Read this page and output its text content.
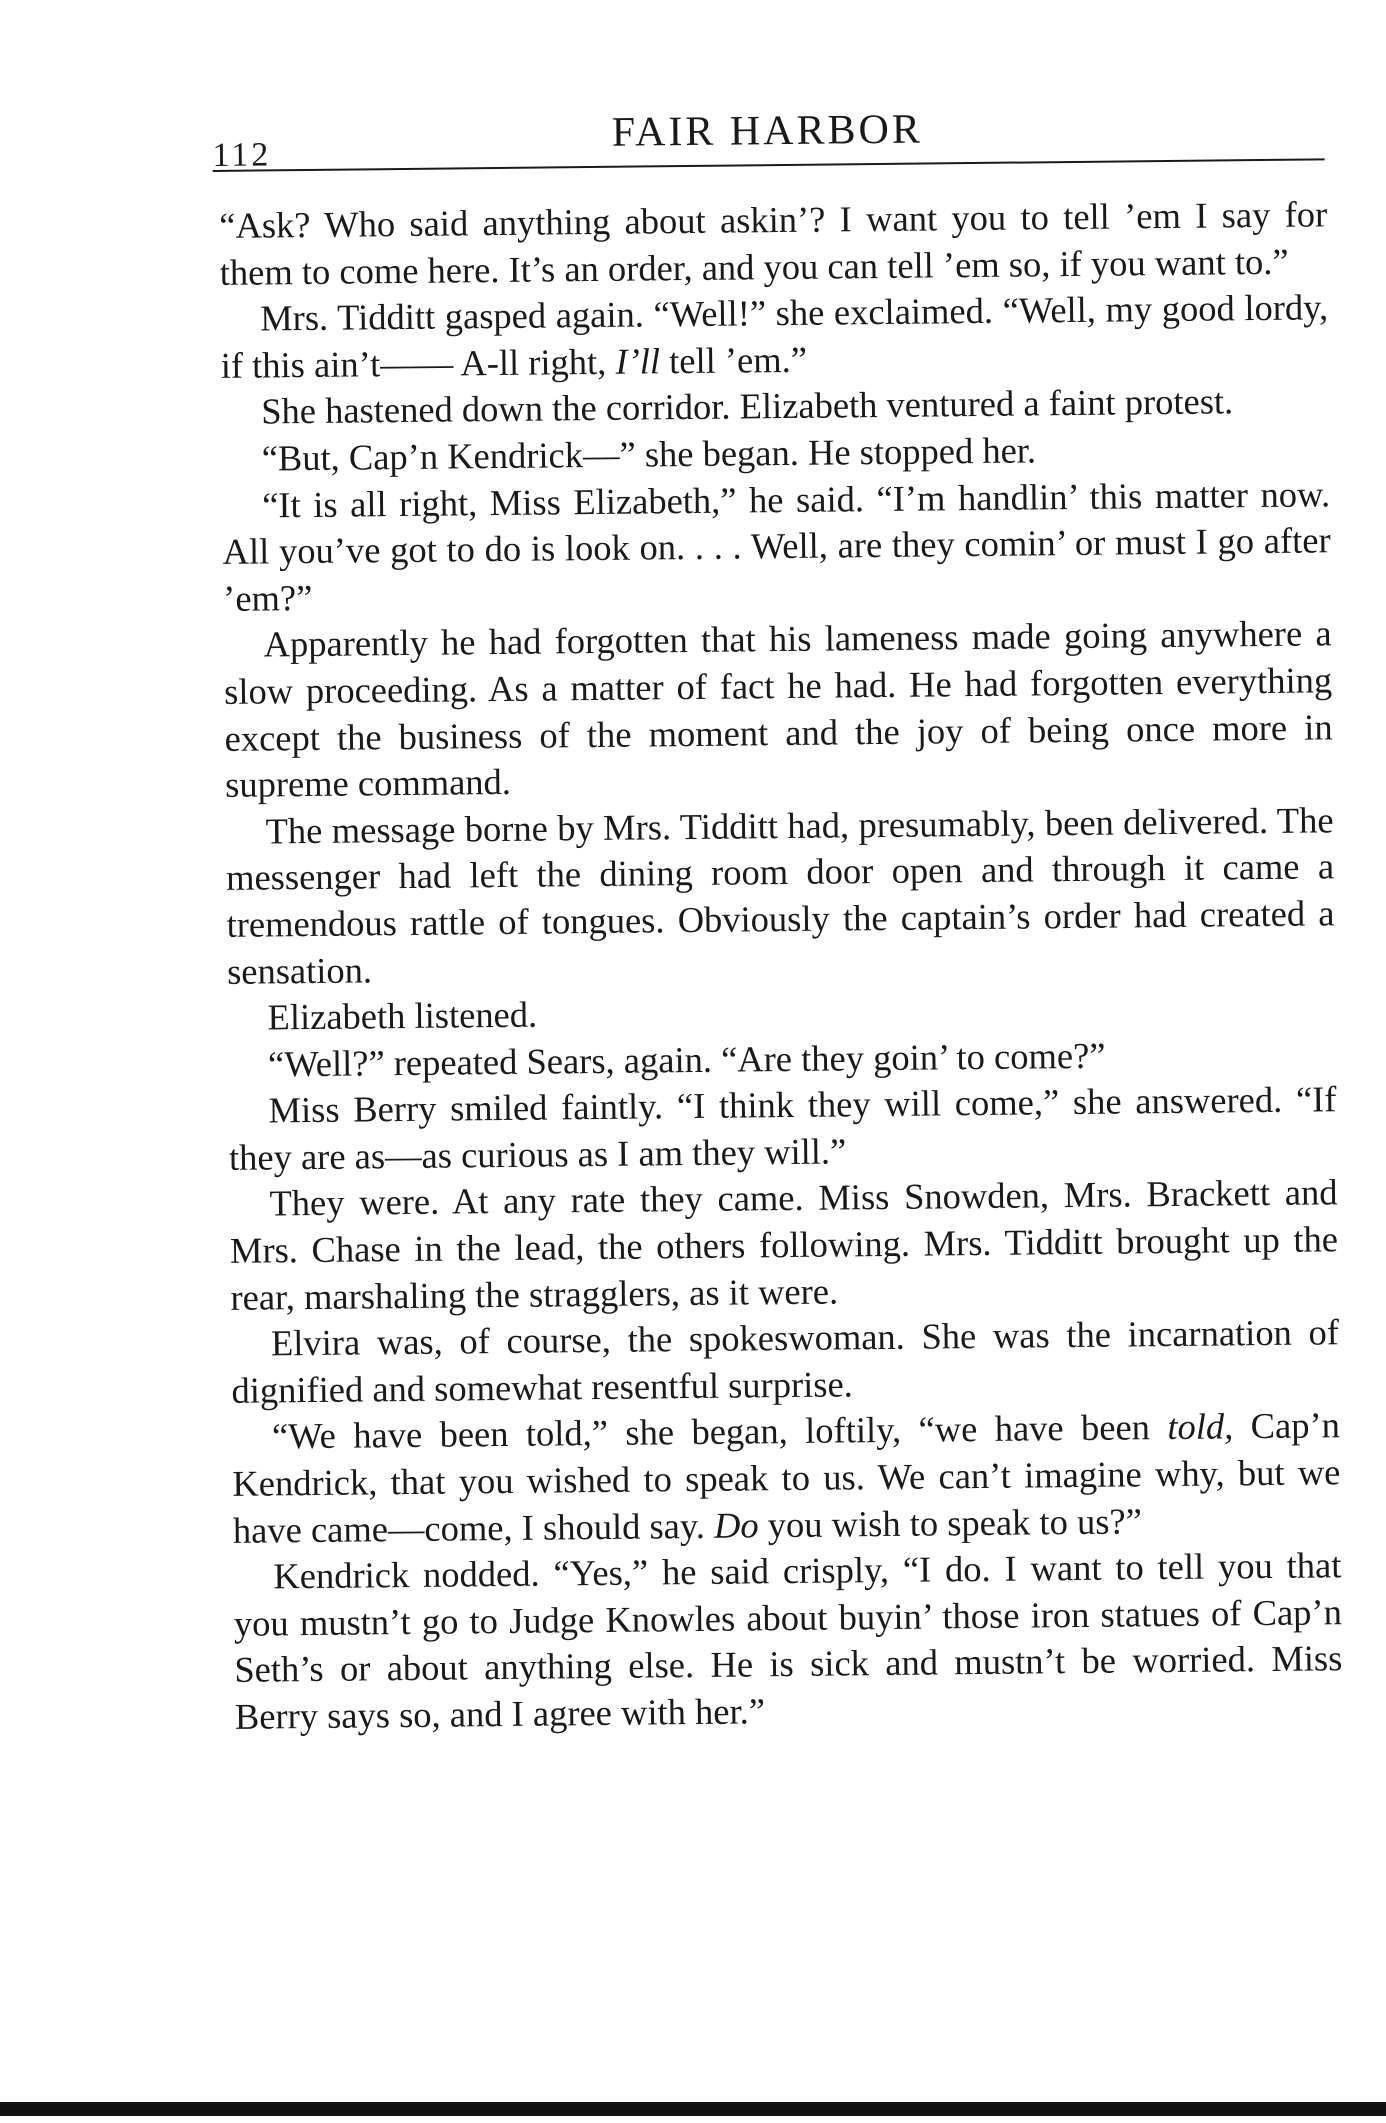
112	FAIR HARBOR

“Ask? Who said anything about askin’? I want you to tell ’em I say for them to come here. It’s an order, and you can tell ’em so, if you want to.”

Mrs. Tidditt gasped again. “Well!” she exclaimed. “Well, my good lordy, if this ain’t—— A-ll right, I’ll tell ’em.”

She hastened down the corridor. Elizabeth ventured a faint protest.

“But, Cap’n Kendrick—” she began. He stopped her.

“It is all right, Miss Elizabeth,” he said. “I’m handlin’ this matter now. All you’ve got to do is look on. . . . Well, are they comin’ or must I go after ’em?”

Apparently he had forgotten that his lameness made going anywhere a slow proceeding. As a matter of fact he had. He had forgotten everything except the business of the moment and the joy of being once more in supreme command.

The message borne by Mrs. Tidditt had, presumably, been delivered. The messenger had left the dining room door open and through it came a tremendous rattle of tongues. Obviously the captain’s order had created a sensation.

Elizabeth listened.

“Well?” repeated Sears, again. “Are they goin’ to come?”

Miss Berry smiled faintly. “I think they will come,” she answered. “If they are as—as curious as I am they will.”

They were. At any rate they came. Miss Snowden, Mrs. Brackett and Mrs. Chase in the lead, the others following. Mrs. Tidditt brought up the rear, marshaling the stragglers, as it were.

Elvira was, of course, the spokeswoman. She was the incarnation of dignified and somewhat resentful surprise.

“We have been told,” she began, loftily, “we have been told, Cap’n Kendrick, that you wished to speak to us. We can’t imagine why, but we have came—come, I should say. Do you wish to speak to us?”

Kendrick nodded. “Yes,” he said crisply, “I do. I want to tell you that you mustn’t go to Judge Knowles about buyin’ those iron statues of Cap’n Seth’s or about anything else. He is sick and mustn’t be worried. Miss Berry says so, and I agree with her.”
